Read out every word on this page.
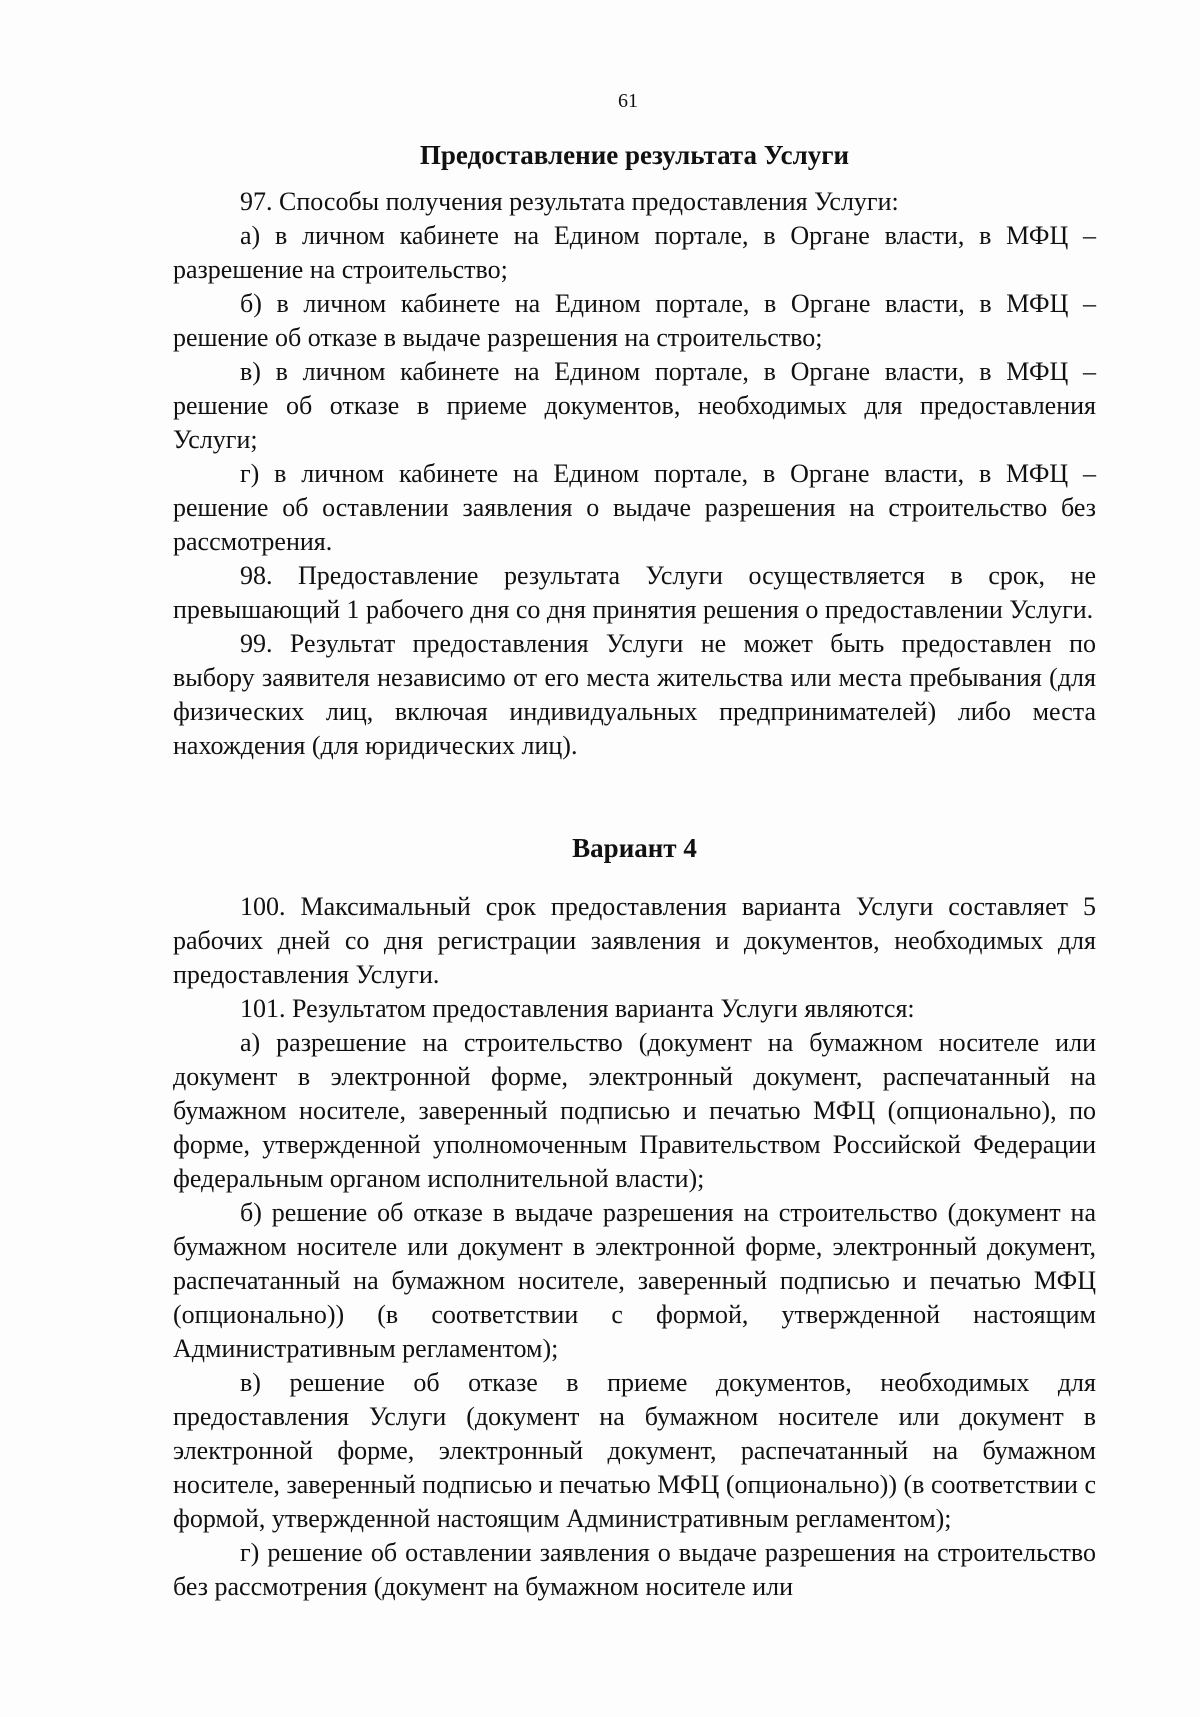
61
Предоставление результата Услуги

97. Способы получения результата предоставления Услуги:

а) в личном кабинете на Едином портале, в Органе власти, в МФЦ – разрешение на строительство;

б) в личном кабинете на Едином портале, в Органе власти, в МФЦ – решение об отказе в выдаче разрешения на строительство;

в) в личном кабинете на Едином портале, в Органе власти, в МФЦ – решение об отказе в приеме документов, необходимых для предоставления Услуги;

г) в личном кабинете на Едином портале, в Органе власти, в МФЦ – решение об оставлении заявления о выдаче разрешения на строительство без рассмотрения.

98. Предоставление результата Услуги осуществляется в срок, не превышающий 1 рабочего дня со дня принятия решения о предоставлении Услуги.

99. Результат предоставления Услуги не может быть предоставлен по выбору заявителя независимо от его места жительства или места пребывания (для физических лиц, включая индивидуальных предпринимателей) либо места нахождения (для юридических лиц).

Вариант 4

100. Максимальный срок предоставления варианта Услуги составляет 5 рабочих дней со дня регистрации заявления и документов, необходимых для предоставления Услуги.

101. Результатом предоставления варианта Услуги являются:

а) разрешение на строительство (документ на бумажном носителе или документ в электронной форме, электронный документ, распечатанный на бумажном носителе, заверенный подписью и печатью МФЦ (опционально), по форме, утвержденной уполномоченным Правительством Российской Федерации федеральным органом исполнительной власти);

б) решение об отказе в выдаче разрешения на строительство (документ на бумажном носителе или документ в электронной форме, электронный документ, распечатанный на бумажном носителе, заверенный подписью и печатью МФЦ (опционально)) (в соответствии с формой, утвержденной настоящим Административным регламентом);

в) решение об отказе в приеме документов, необходимых для предоставления Услуги (документ на бумажном носителе или документ в электронной форме, электронный документ, распечатанный на бумажном носителе, заверенный подписью и печатью МФЦ (опционально)) (в соответствии с формой, утвержденной настоящим Административным регламентом);

г) решение об оставлении заявления о выдаче разрешения на строительство без рассмотрения (документ на бумажном носителе или
